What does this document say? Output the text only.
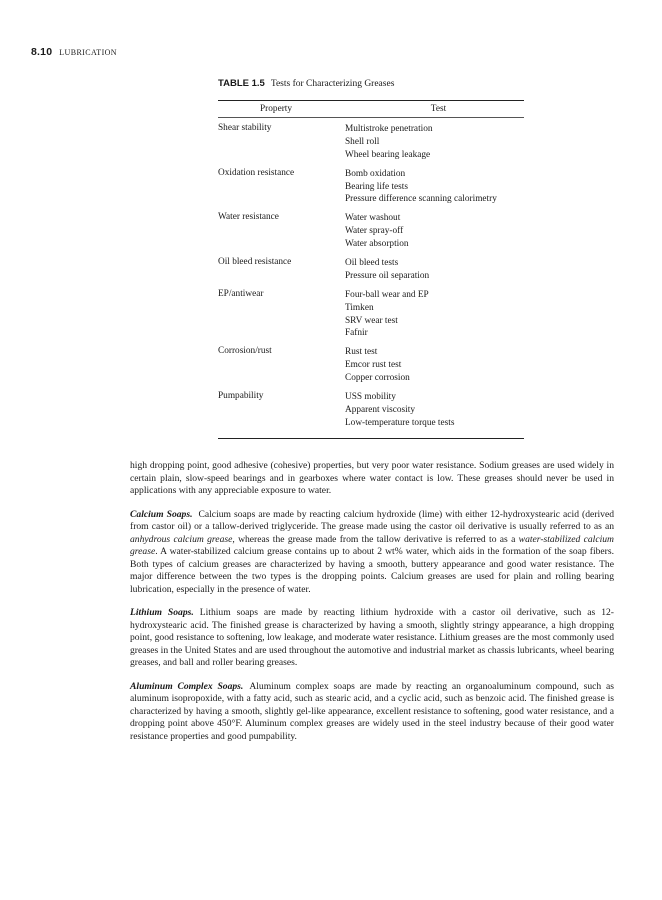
8.10 LUBRICATION
TABLE 1.5 Tests for Characterizing Greases
Property	Test
Shear stability	Multistroke penetration
Shell roll
Wheel bearing leakage

Oxidation resistance	Bomb oxidation
Bearing life tests
Pressure difference scanning calorimetry

Water resistance	Water washout
Water spray-off
Water absorption

Oil bleed resistance	Oil bleed tests
Pressure oil separation

EP/antiwear	Four-ball wear and EP
Timken
SRV wear test
Fafnir

Corrosion/rust	Rust test
Emcor rust test
Copper corrosion

Pumpability	USS mobility
Apparent viscosity
Low-temperature torque tests

high dropping point, good adhesive (cohesive) properties, but very poor water resistance. Sodium greases are used widely in certain plain, slow-speed bearings and in gearboxes where water contact is low. These greases should never be used in applications with any appreciable exposure to water.

Calcium Soaps. Calcium soaps are made by reacting calcium hydroxide (lime) with either 12-hydroxystearic acid (derived from castor oil) or a tallow-derived triglyceride. The grease made using the castor oil derivative is usually referred to as an anhydrous calcium grease, whereas the grease made from the tallow derivative is referred to as a water-stabilized calcium grease. A water-stabilized calcium grease contains up to about 2 wt% water, which aids in the formation of the soap fibers. Both types of calcium greases are characterized by having a smooth, buttery appearance and good water resistance. The major difference between the two types is the dropping points. Calcium greases are used for plain and rolling bearing lubrication, especially in the presence of water.

Lithium Soaps. Lithium soaps are made by reacting lithium hydroxide with a castor oil derivative, such as 12-hydroxystearic acid. The finished grease is characterized by having a smooth, slightly stringy appearance, a high dropping point, good resistance to softening, low leakage, and moderate water resistance. Lithium greases are the most commonly used greases in the United States and are used throughout the automotive and industrial market as chassis lubricants, wheel bearing greases, and ball and roller bearing greases.

Aluminum Complex Soaps. Aluminum complex soaps are made by reacting an organoaluminum compound, such as aluminum isopropoxide, with a fatty acid, such as stearic acid, and a cyclic acid, such as benzoic acid. The finished grease is characterized by having a smooth, slightly gel-like appearance, excellent resistance to softening, good water resistance, and a dropping point above 450°F. Aluminum complex greases are widely used in the steel industry because of their good water resistance properties and good pumpability.
